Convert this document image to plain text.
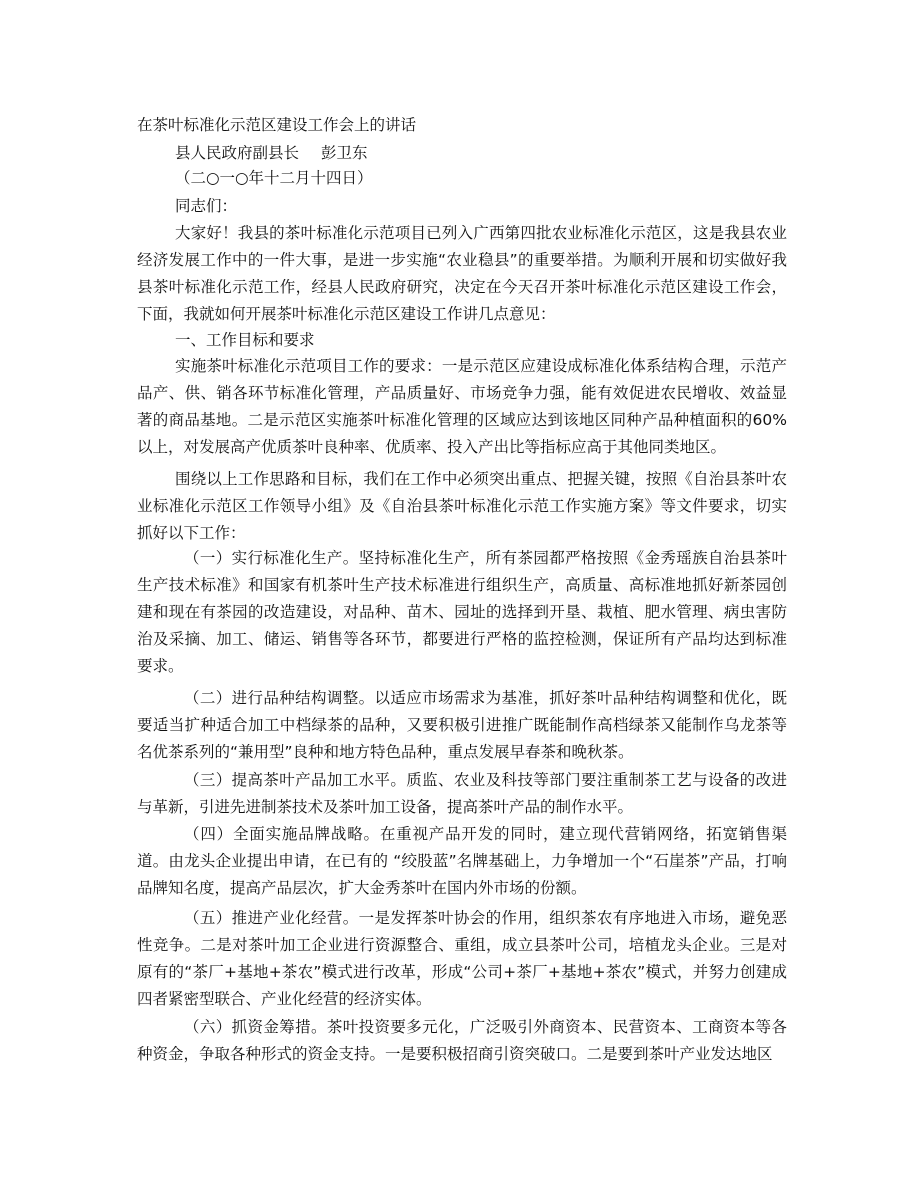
在茶叶标准化示范区建设工作会上的讲话
县人民政府副县长 彭卫东
（二○一○年十二月十四日）
同志们：
大家好！我县的茶叶标准化示范项目已列入广西第四批农业标准化示范区，这是我县农业经济发展工作中的一件大事，是进一步实施“农业稳县”的重要举措。为顺利开展和切实做好我县茶叶标准化示范工作，经县人民政府研究，决定在今天召开茶叶标准化示范区建设工作会，下面，我就如何开展茶叶标准化示范区建设工作讲几点意见：
一、工作目标和要求
实施茶叶标准化示范项目工作的要求：一是示范区应建设成标准化体系结构合理，示范产品产、供、销各环节标准化管理，产品质量好、市场竞争力强，能有效促进农民增收、效益显著的商品基地。二是示范区实施茶叶标准化管理的区域应达到该地区同种产品种植面积的60%以上，对发展高产优质茶叶良种率、优质率、投入产出比等指标应高于其他同类地区。
围绕以上工作思路和目标，我们在工作中必须突出重点、把握关键，按照《自治县茶叶农业标准化示范区工作领导小组》及《自治县茶叶标准化示范工作实施方案》等文件要求，切实抓好以下工作：
（一）实行标准化生产。坚持标准化生产，所有茶园都严格按照《金秀瑶族自治县茶叶生产技术标准》和国家有机茶叶生产技术标准进行组织生产，高质量、高标准地抓好新茶园创建和现在有茶园的改造建设，对品种、苗木、园址的选择到开垦、栽植、肥水管理、病虫害防治及采摘、加工、储运、销售等各环节，都要进行严格的监控检测，保证所有产品均达到标准要求。
（二）进行品种结构调整。以适应市场需求为基准，抓好茶叶品种结构调整和优化，既要适当扩种适合加工中档绿茶的品种，又要积极引进推广既能制作高档绿茶又能制作乌龙茶等名优茶系列的“兼用型”良种和地方特色品种，重点发展早春茶和晚秋茶。
（三）提高茶叶产品加工水平。质监、农业及科技等部门要注重制茶工艺与设备的改进与革新，引进先进制茶技术及茶叶加工设备，提高茶叶产品的制作水平。
（四）全面实施品牌战略。在重视产品开发的同时，建立现代营销网络，拓宽销售渠道。由龙头企业提出申请，在已有的 “绞股蓝”名牌基础上，力争增加一个“石崖茶”产品，打响品牌知名度，提高产品层次，扩大金秀茶叶在国内外市场的份额。
（五）推进产业化经营。一是发挥茶叶协会的作用，组织茶农有序地进入市场，避免恶性竞争。二是对茶叶加工企业进行资源整合、重组，成立县茶叶公司，培植龙头企业。三是对原有的“茶厂+基地+茶农”模式进行改革，形成“公司+茶厂+基地+茶农”模式，并努力创建成四者紧密型联合、产业化经营的经济实体。
（六）抓资金筹措。茶叶投资要多元化，广泛吸引外商资本、民营资本、工商资本等各种资金，争取各种形式的资金支持。一是要积极招商引资突破口。二是要到茶叶产业发达地区
